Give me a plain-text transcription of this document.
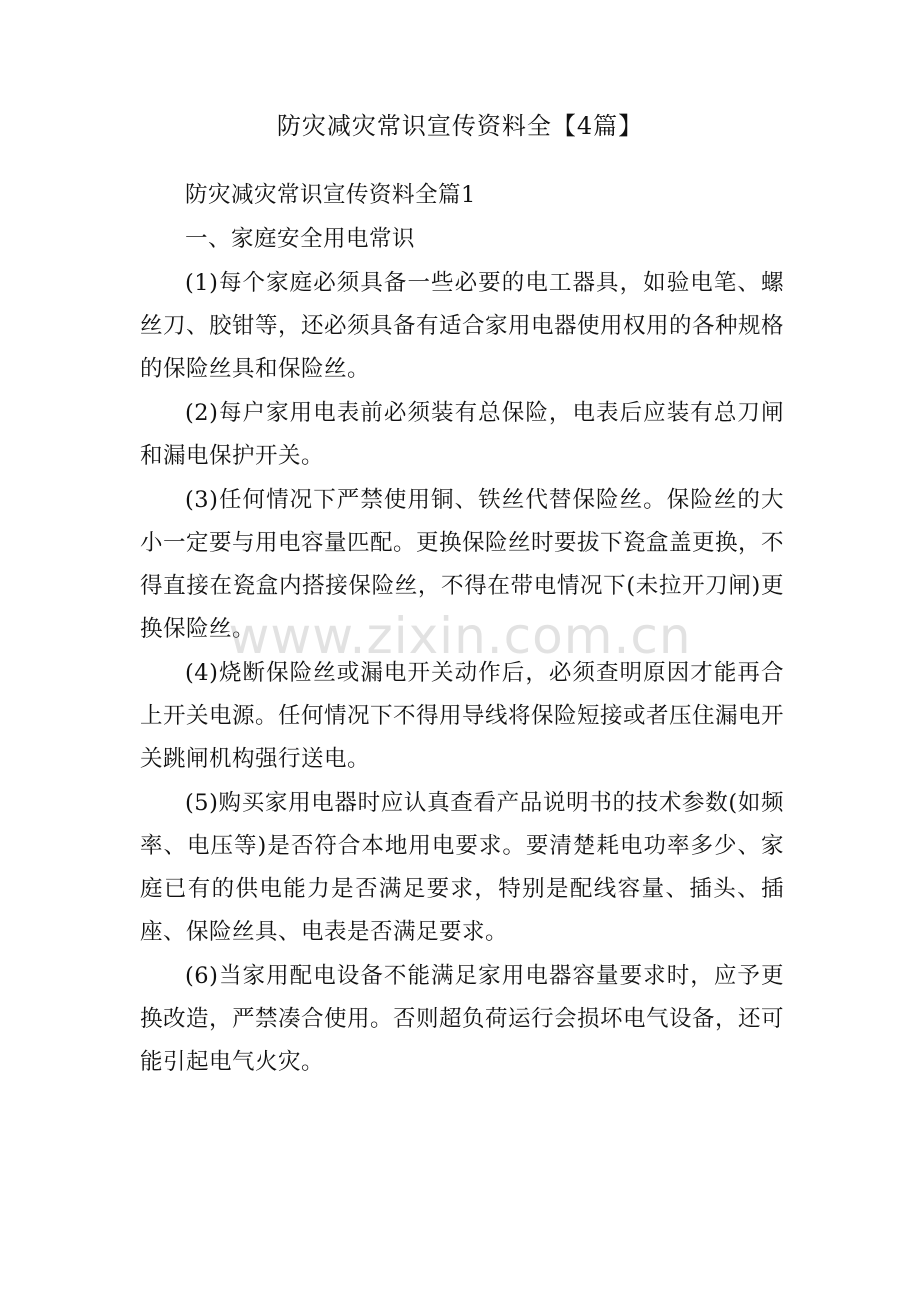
防灾减灾常识宣传资料全【4篇】

防灾减灾常识宣传资料全篇1

一、家庭安全用电常识

(1)每个家庭必须具备一些必要的电工器具，如验电笔、螺丝刀、胶钳等，还必须具备有适合家用电器使用权用的各种规格的保险丝具和保险丝。

(2)每户家用电表前必须装有总保险，电表后应装有总刀闸和漏电保护开关。

(3)任何情况下严禁使用铜、铁丝代替保险丝。保险丝的大小一定要与用电容量匹配。更换保险丝时要拔下瓷盒盖更换，不得直接在瓷盒内搭接保险丝，不得在带电情况下(未拉开刀闸)更换保险丝。

(4)烧断保险丝或漏电开关动作后，必须查明原因才能再合上开关电源。任何情况下不得用导线将保险短接或者压住漏电开关跳闸机构强行送电。

(5)购买家用电器时应认真查看产品说明书的技术参数(如频率、电压等)是否符合本地用电要求。要清楚耗电功率多少、家庭已有的供电能力是否满足要求，特别是配线容量、插头、插座、保险丝具、电表是否满足要求。

(6)当家用配电设备不能满足家用电器容量要求时，应予更换改造，严禁凑合使用。否则超负荷运行会损坏电气设备，还可能引起电气火灾。

www.zixin.com.cn
